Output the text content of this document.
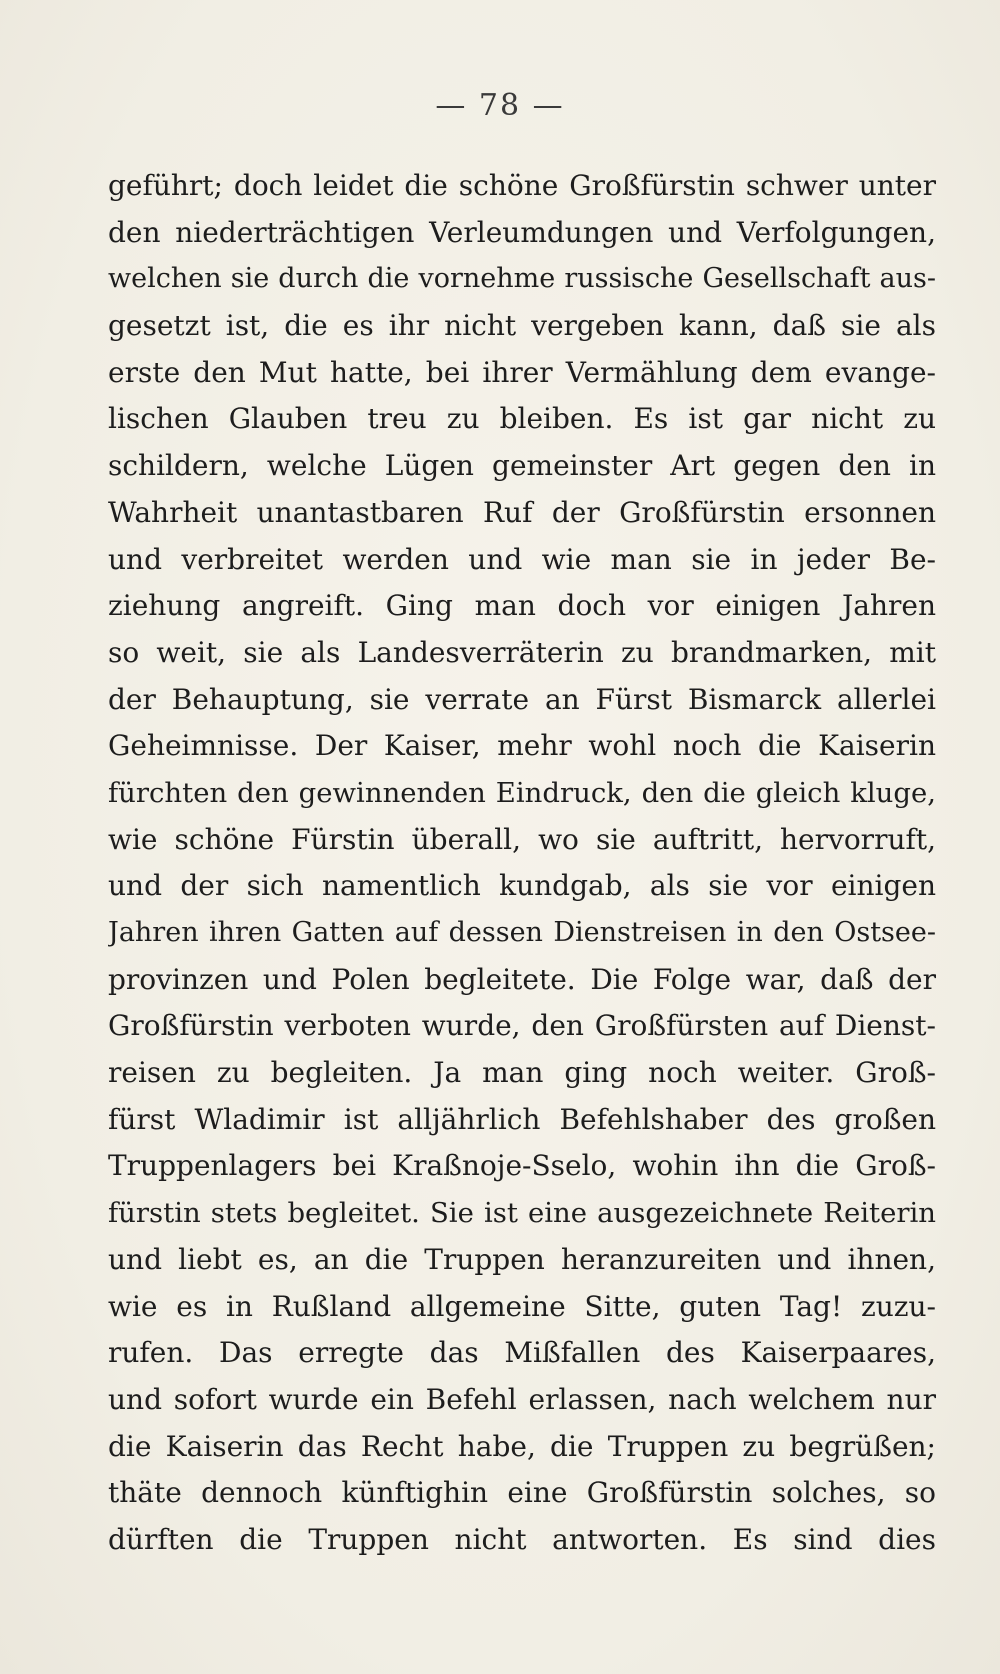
— 78 —
geführt; doch leidet die schöne Großfürstin schwer unter
den niederträchtigen Verleumdungen und Verfolgungen,
welchen sie durch die vornehme russische Gesellschaft aus-
gesetzt ist, die es ihr nicht vergeben kann, daß sie als
erste den Mut hatte, bei ihrer Vermählung dem evange-
lischen Glauben treu zu bleiben. Es ist gar nicht zu
schildern, welche Lügen gemeinster Art gegen den in
Wahrheit unantastbaren Ruf der Großfürstin ersonnen
und verbreitet werden und wie man sie in jeder Be-
ziehung angreift. Ging man doch vor einigen Jahren
so weit, sie als Landesverräterin zu brandmarken, mit
der Behauptung, sie verrate an Fürst Bismarck allerlei
Geheimnisse. Der Kaiser, mehr wohl noch die Kaiserin
fürchten den gewinnenden Eindruck, den die gleich kluge,
wie schöne Fürstin überall, wo sie auftritt, hervorruft,
und der sich namentlich kundgab, als sie vor einigen
Jahren ihren Gatten auf dessen Dienstreisen in den Ostsee-
provinzen und Polen begleitete. Die Folge war, daß der
Großfürstin verboten wurde, den Großfürsten auf Dienst-
reisen zu begleiten. Ja man ging noch weiter. Groß-
fürst Wladimir ist alljährlich Befehlshaber des großen
Truppenlagers bei Kraßnoje-Sselo, wohin ihn die Groß-
fürstin stets begleitet. Sie ist eine ausgezeichnete Reiterin
und liebt es, an die Truppen heranzureiten und ihnen,
wie es in Rußland allgemeine Sitte, guten Tag! zuzu-
rufen. Das erregte das Mißfallen des Kaiserpaares,
und sofort wurde ein Befehl erlassen, nach welchem nur
die Kaiserin das Recht habe, die Truppen zu begrüßen;
thäte dennoch künftighin eine Großfürstin solches, so
dürften die Truppen nicht antworten. Es sind dies
